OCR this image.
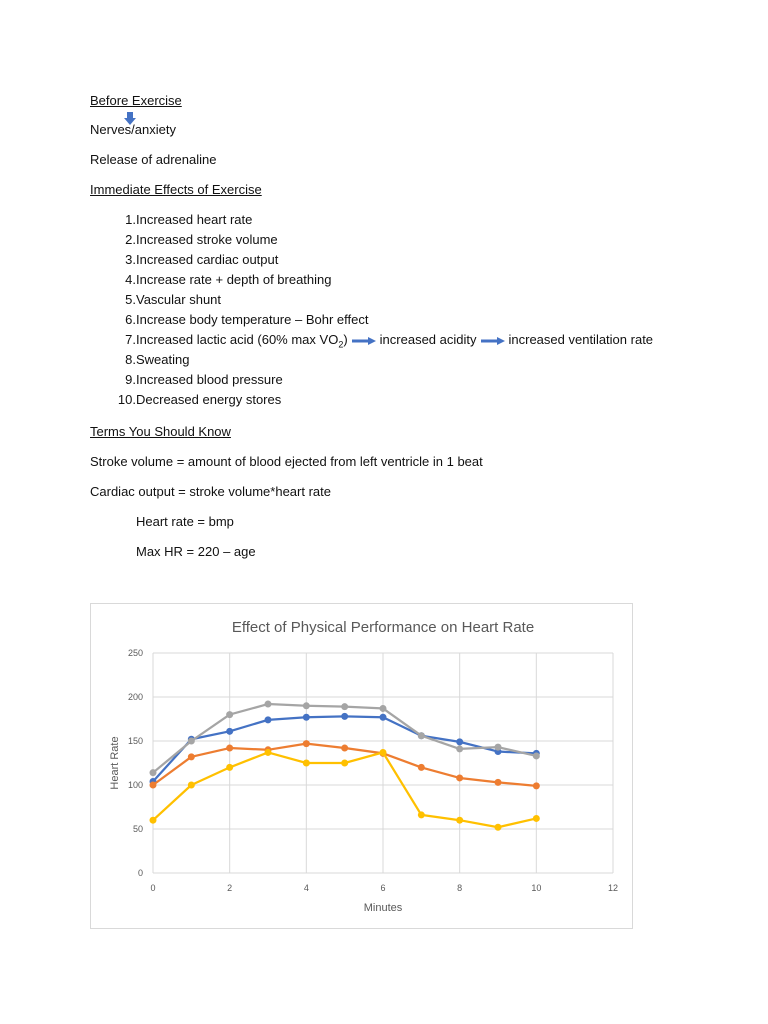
Before Exercise
Nerves/anxiety
Release of adrenaline
Immediate Effects of Exercise
1. Increased heart rate
2. Increased stroke volume
3. Increased cardiac output
4. Increase rate + depth of breathing
5. Vascular shunt
6. Increase body temperature – Bohr effect
7. Increased lactic acid (60% $\max VO_2$) increased acidity increased ventilation rate
8. Sweating
9. Increased blood pressure
10. Decreased energy stores
Terms You Should Know
Stroke volume = amount of blood ejected from left ventricle in 1 beat
Cardiac output = stroke volume*heart rate
Heart rate = bmp
Max HR = 220 – age
Effect of Physical Performance on Heart Rate
0
50
100
150
200
250
0	2	4	6	8	10	12
Minutes
Heart Rate
